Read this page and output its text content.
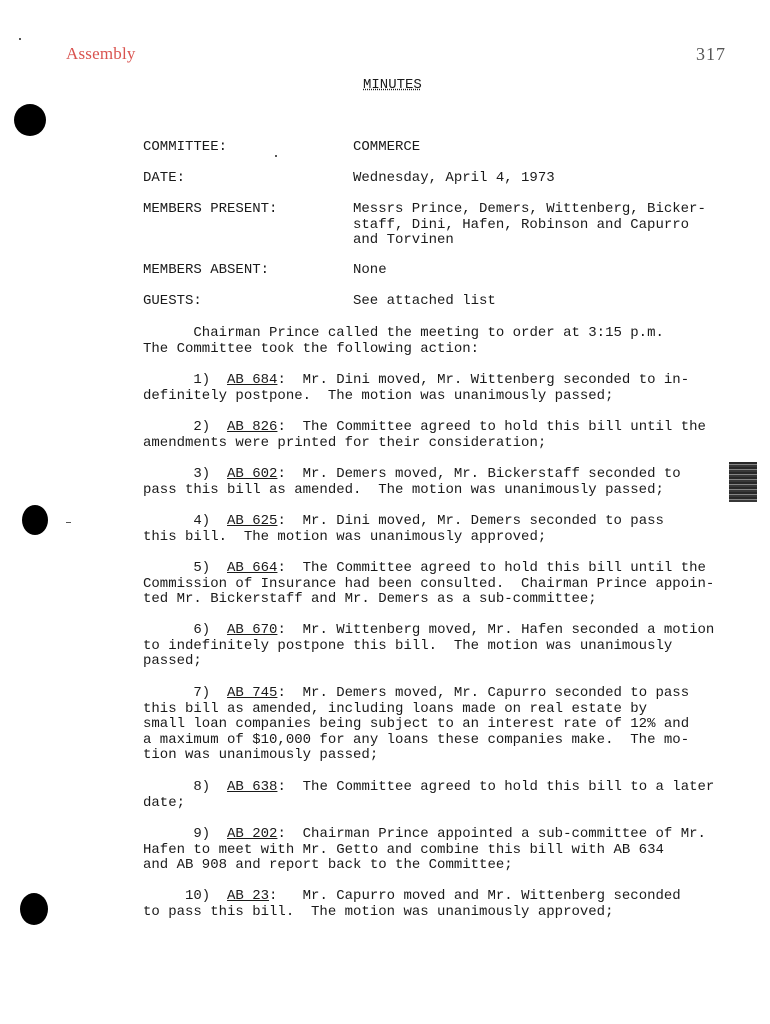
Assembly	317
MINUTES
COMMITTEE:	COMMERCE
DATE:	Wednesday, April 4, 1973
MEMBERS PRESENT:	Messrs Prince, Demers, Wittenberg, Bicker-
staff, Dini, Hafen, Robinson and Capurro
and Torvinen
MEMBERS ABSENT:	None
GUESTS:	See attached list
Chairman Prince called the meeting to order at 3:15 p.m.
The Committee took the following action:
1)  AB 684:  Mr. Dini moved, Mr. Wittenberg seconded to in-
definitely postpone.  The motion was unanimously passed;
2)  AB 826:  The Committee agreed to hold this bill until the
amendments were printed for their consideration;
3)  AB 602:  Mr. Demers moved, Mr. Bickerstaff seconded to
pass this bill as amended.  The motion was unanimously passed;
4)  AB 625:  Mr. Dini moved, Mr. Demers seconded to pass
this bill.  The motion was unanimously approved;
5)  AB 664:  The Committee agreed to hold this bill until the
Commission of Insurance had been consulted.  Chairman Prince appoin-
ted Mr. Bickerstaff and Mr. Demers as a sub-committee;
6)  AB 670:  Mr. Wittenberg moved, Mr. Hafen seconded a motion
to indefinitely postpone this bill.  The motion was unanimously
passed;
7)  AB 745:  Mr. Demers moved, Mr. Capurro seconded to pass
this bill as amended, including loans made on real estate by
small loan companies being subject to an interest rate of 12% and
a maximum of $10,000 for any loans these companies make.  The mo-
tion was unanimously passed;
8)  AB 638:  The Committee agreed to hold this bill to a later
date;
9)  AB 202:  Chairman Prince appointed a sub-committee of Mr.
Hafen to meet with Mr. Getto and combine this bill with AB 634
and AB 908 and report back to the Committee;
10)  AB 23:   Mr. Capurro moved and Mr. Wittenberg seconded
to pass this bill.  The motion was unanimously approved;
